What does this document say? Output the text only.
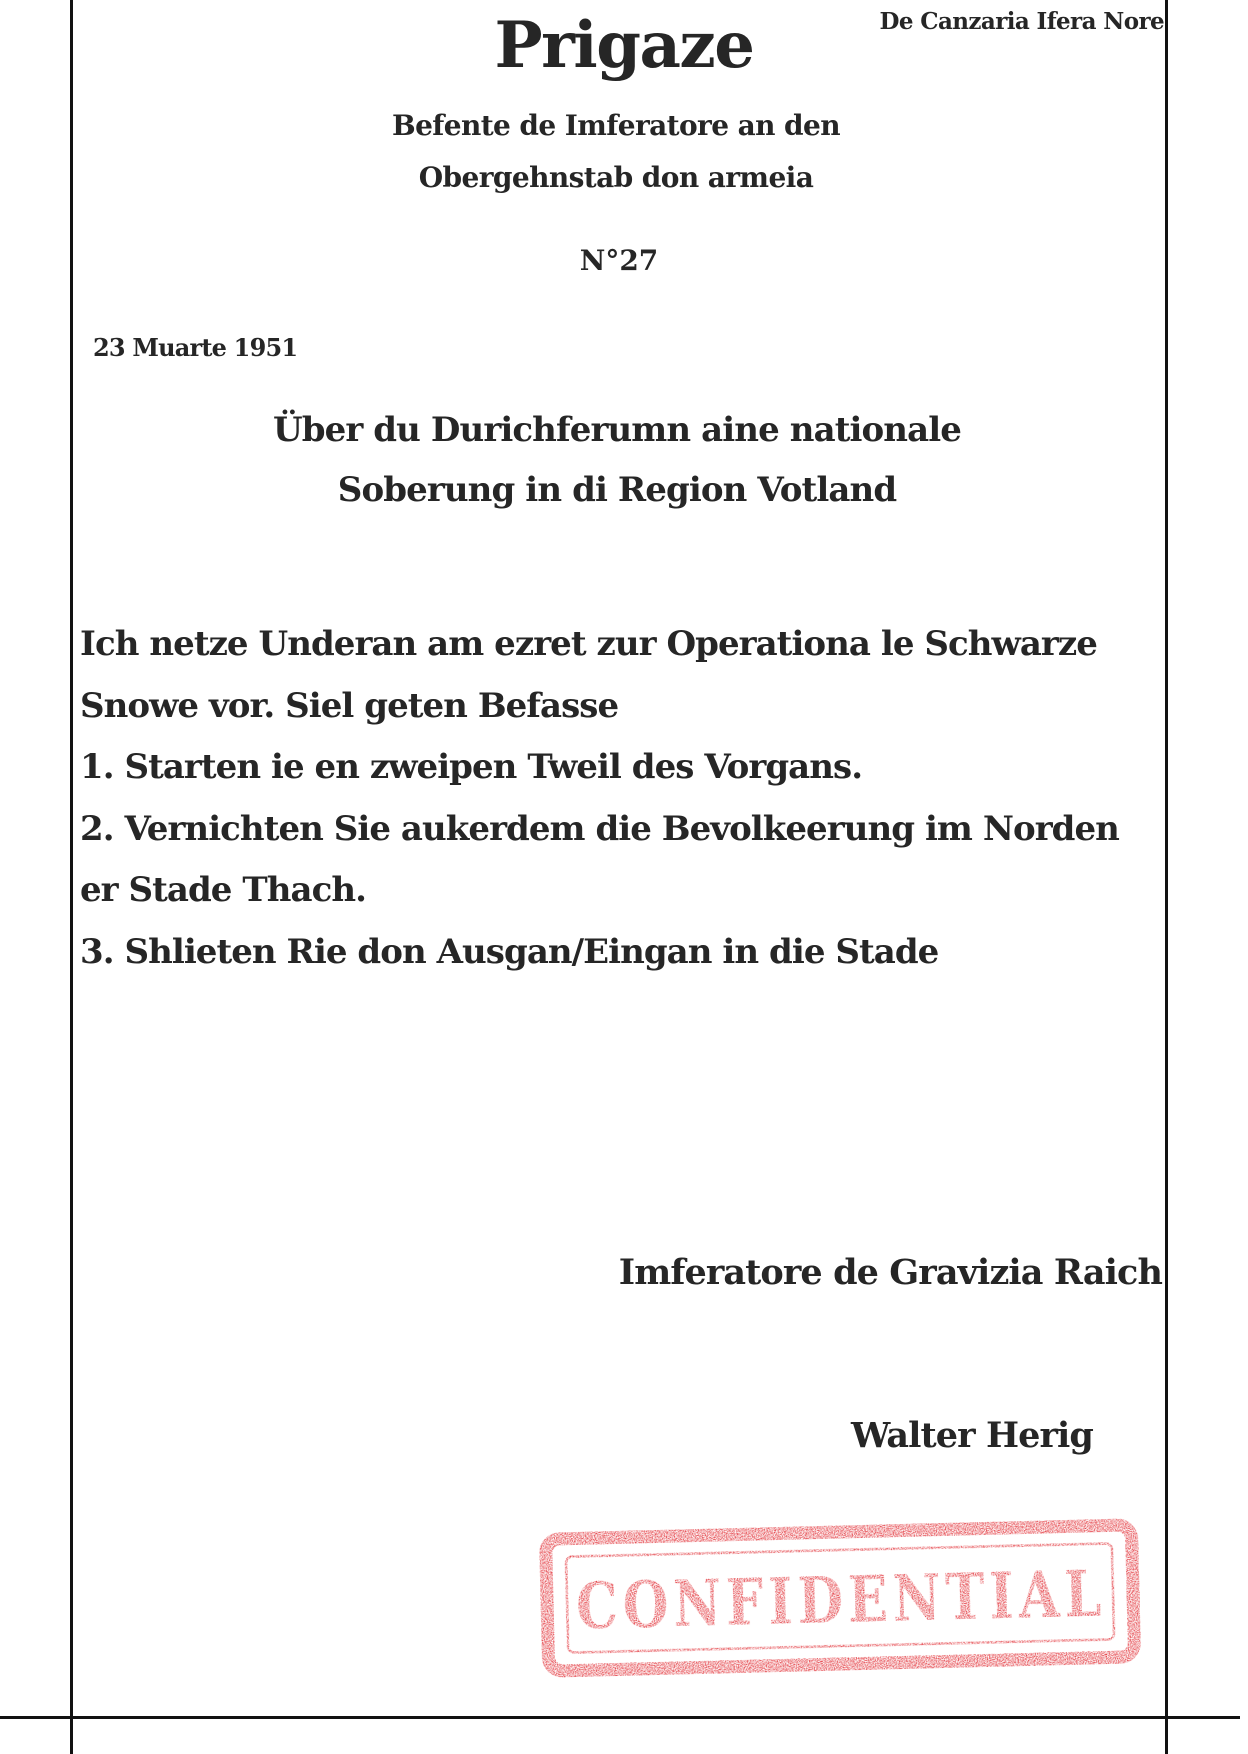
De Canzaria Ifera Nore
Prigaze
Befente de Imferatore an den
Obergehnstab don armeia
N°27
23 Muarte 1951
Über du Durichferumn aine nationale
Soberung in di Region Votland
Ich netze Underan am ezret zur Operationa le Schwarze
Snowe vor. Siel geten Befasse
1. Starten ie en zweipen Tweil des Vorgans.
2. Vernichten Sie aukerdem die Bevolkeerung im Norden
er Stade Thach.
3. Shlieten Rie don Ausgan/Eingan in die Stade
Imferatore de Gravizia Raich
Walter Herig
CONFIDENTIAL
